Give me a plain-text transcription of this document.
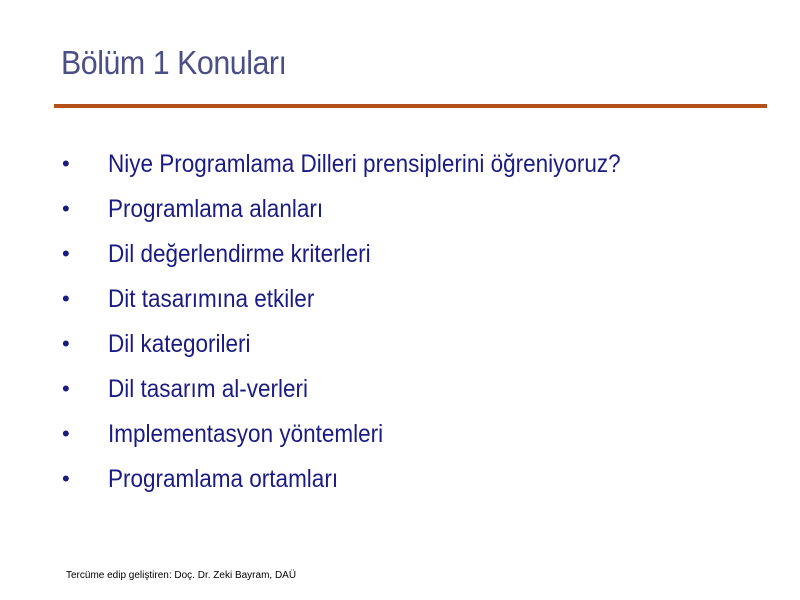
Bölüm 1 Konuları
• Niye Programlama Dilleri prensiplerini öğreniyoruz?
• Programlama alanları
• Dil değerlendirme kriterleri
• Dit tasarımına etkiler
• Dil kategorileri
• Dil tasarım al-verleri
• Implementasyon yöntemleri
• Programlama ortamları
Tercüme edip geliştiren: Doç. Dr. Zeki Bayram, DAÜ
